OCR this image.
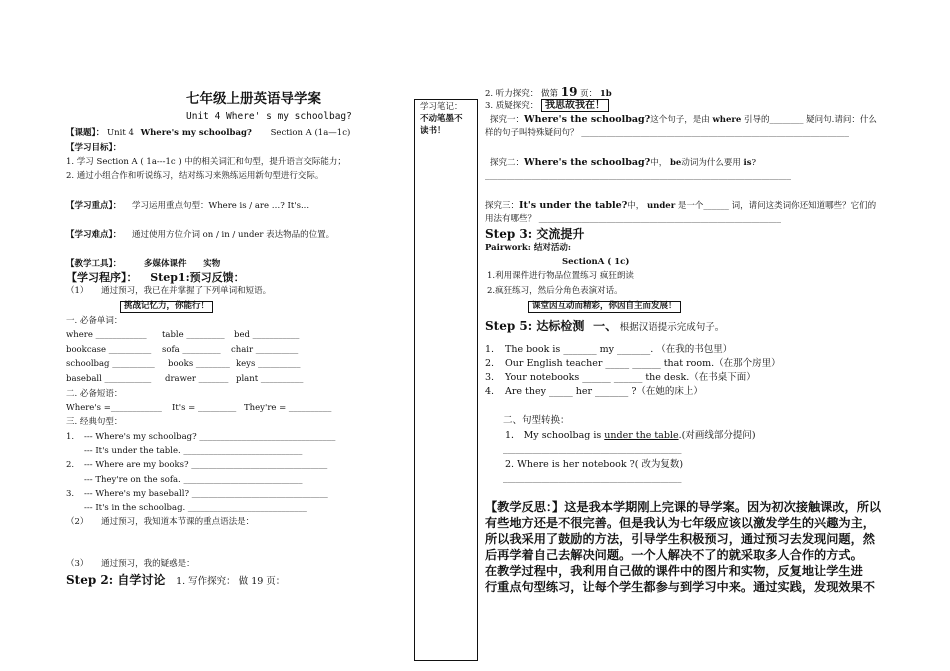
七年级上册英语导学案
Unit 4 Where' s my schoolbag?
【课题】： Unit 4 Where's my schoolbag? Section A (1a—1c)
【学习目标】：
1. 学习 Section A ( 1a---1c ) 中的相关词汇和句型，提升语言交际能力；
2. 通过小组合作和听说练习，结对练习来熟练运用新句型进行交际。
【学习重点】： 学习运用重点句型：Where is / are …? It's...
【学习难点】： 通过使用方位介词 on / in / under 表达物品的位置。
【教学工具】：	多媒体课件 实物
【学习程序】： Step1:预习反馈：
（1） 通过预习，我已在并掌握了下列单词和短语。
挑战记忆力，你能行！
一. 必备单词：
where ____________ table _________ bed ___________
bookcase __________ sofa _________ chair __________
schoolbag __________ books ________ keys __________
baseball ___________ drawer _______ plant __________
二. 必备短语：
Where's =____________ It's = _________ They're = __________
三. 经典句型：
1. --- Where's my schoolbag? ________________________________
--- It's under the table. ____________________________
2. --- Where are my books? ________________________________
--- They're on the sofa. ____________________________
3. --- Where's my baseball? ________________________________
--- It's in the schoolbag. ____________________________
（2） 通过预习，我知道本节课的重点语法是：
（3） 通过预习，我的疑惑是：
Step 2: 自学讨论 1. 写作探究： 做 19 页：
学习笔记：
不动笔墨不
读书！
2. 听力探究： 做第 19 页： 1b
3. 质疑探究： 我思故我在！
探究一：Where's the schoolbag?这个句子，是由 where 引导的________ 疑问句.请问：什么
样的句子叫特殊疑问句？ _______________________________________________________________
探究二：Where's the schoolbag?中， be动词为什么要用 is?
________________________________________________________________________
探究三：It's under the table?中， under 是一个______ 词，请问这类词你还知道哪些？它们的
用法有哪些？ _________________________________________________________
Step 3: 交流提升
Pairwork: 结对活动:
SectionA ( 1c)
1.利用课件进行物品位置练习 疯狂朗读
2.疯狂练习，然后分角色表演对话。
课堂因互动而精彩，你因自主而发展！
Step 5: 达标检测 一、 根据汉语提示完成句子。
1. The book is _______ my _______. （在我的书包里）
2. Our English teacher _____ ______ that room.（在那个房里）
3. Your notebooks ______ ______ the desk.（在书桌下面）
4. Are they _____ her _______ ?（在她的床上）
二、句型转换：
1． My schoolbag is under the table.(对画线部分提问)
__________________________________________
2. Where is her notebook ?( 改为复数)
__________________________________________
【教学反思：】这是我本学期刚上完课的导学案。因为初次接触课改，所以
有些地方还是不很完善。但是我认为七年级应该以激发学生的兴趣为主，
所以我采用了鼓励的方法，引导学生积极预习，通过预习去发现问题，然
后再学着自己去解决问题。一个人解决不了的就采取多人合作的方式。
在教学过程中，我利用自己做的课件中的图片和实物，反复地让学生进
行重点句型练习，让每个学生都参与到学习中来。通过实践，发现效果不
